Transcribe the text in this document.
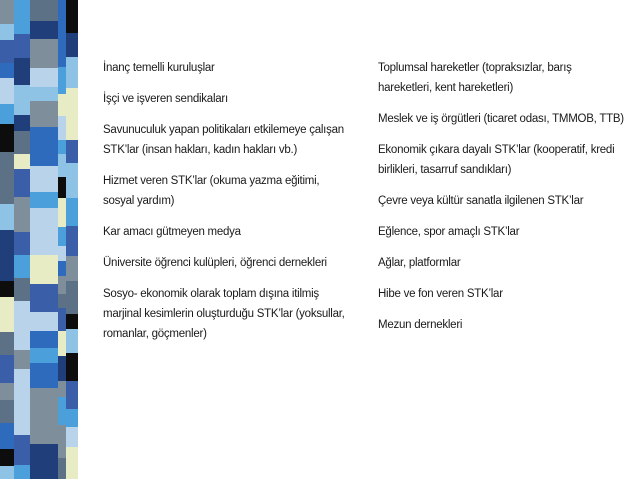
İnanç temelli kuruluşlar

İşçi ve işveren sendikaları

Savunuculuk yapan politikaları etkilemeye çalışan STK’lar (insan hakları, kadın hakları vb.)

Hizmet veren STK’lar (okuma yazma eğitimi, sosyal yardım)

Kar amacı gütmeyen medya

Üniversite öğrenci kulüpleri, öğrenci dernekleri

Sosyo- ekonomik olarak toplam dışına itilmiş marjinal kesimlerin oluşturduğu STK’lar (yoksullar, romanlar, göçmenler)

Toplumsal hareketler (topraksızlar, barış hareketleri, kent hareketleri)

Meslek ve iş örgütleri (ticaret odası, TMMOB, TTB)

Ekonomik çıkara dayalı STK’lar (kooperatif, kredi birlikleri, tasarruf sandıkları)

Çevre veya kültür sanatla ilgilenen STK’lar

Eğlence, spor amaçlı STK’lar

Ağlar, platformlar

Hibe ve fon veren STK’lar

Mezun dernekleri
